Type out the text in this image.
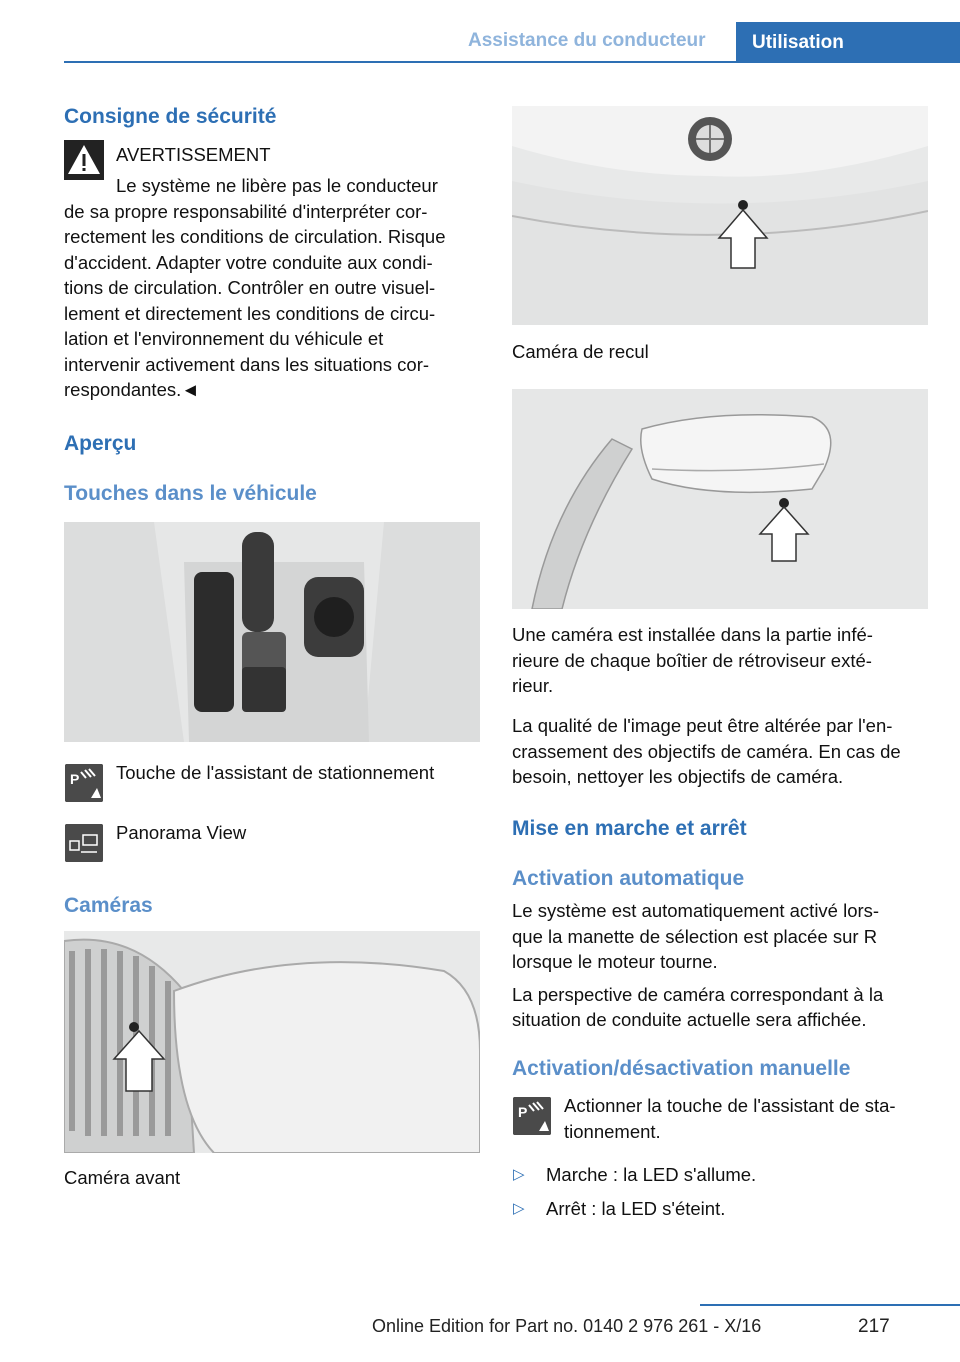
Assistance du conducteur	Utilisation
Consigne de sécurité
AVERTISSEMENT
Le système ne libère pas le conducteur
de sa propre responsabilité d'interpréter cor-
rectement les conditions de circulation. Risque
d'accident. Adapter votre conduite aux condi-
tions de circulation. Contrôler en outre visuel-
lement et directement les conditions de circu-
lation et l'environnement du véhicule et
intervenir activement dans les situations cor-
respondantes.◄
Aperçu
Touches dans le véhicule
P Touche de l'assistant de stationnement
Panorama View
Caméras
Caméra avant
Caméra de recul
Une caméra est installée dans la partie infé-
rieure de chaque boîtier de rétroviseur exté-
rieur.
La qualité de l'image peut être altérée par l'en-
crassement des objectifs de caméra. En cas de
besoin, nettoyer les objectifs de caméra.
Mise en marche et arrêt
Activation automatique
Le système est automatiquement activé lors-
que la manette de sélection est placée sur R
lorsque le moteur tourne.
La perspective de caméra correspondant à la
situation de conduite actuelle sera affichée.
Activation/désactivation manuelle
P Actionner la touche de l'assistant de sta-
tionnement.
▷ Marche : la LED s'allume.
▷ Arrêt : la LED s'éteint.
217
Online Edition for Part no. 0140 2 976 261 - X/16
